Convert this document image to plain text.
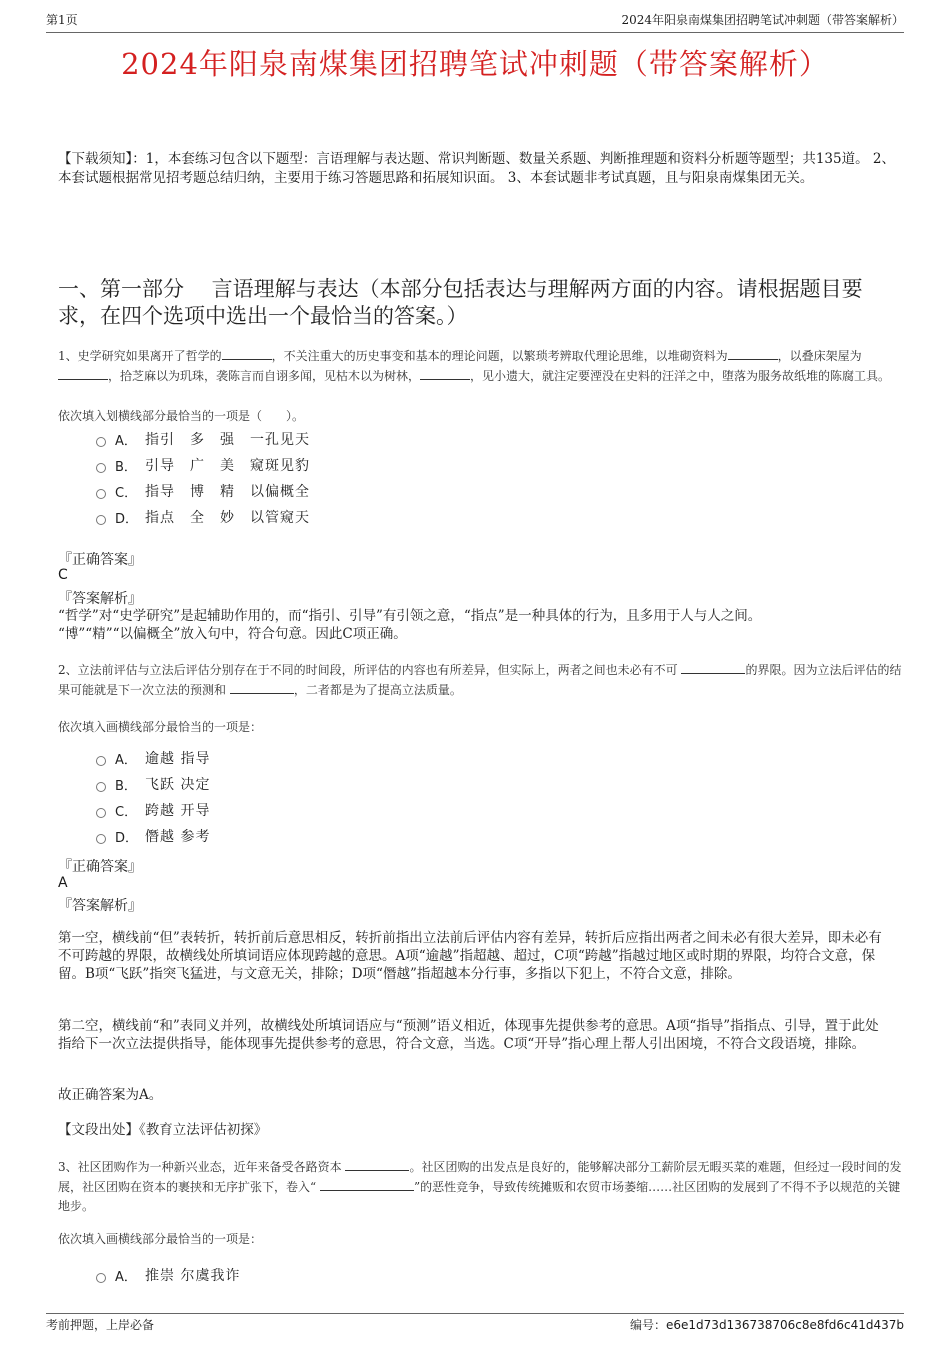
第1页	2024年阳泉南煤集团招聘笔试冲刺题（带答案解析）
2024年阳泉南煤集团招聘笔试冲刺题（带答案解析）
【下载须知】：1，本套练习包含以下题型：言语理解与表达题、常识判断题、数量关系题、判断推理题和资料分析题等题型；共135道。 2、本套试题根据常见招考题总结归纳，主要用于练习答题思路和拓展知识面。 3、本套试题非考试真题，且与阳泉南煤集团无关。
一、第一部分　 言语理解与表达（本部分包括表达与理解两方面的内容。请根据题目要求，在四个选项中选出一个最恰当的答案。）
1、史学研究如果离开了哲学的	，不关注重大的历史事变和基本的理论问题，以繁琐考辨取代理论思维，以堆砌资料为	，以叠床架屋为，拾芝麻以为玑珠，袭陈言而自诩多闻，见枯木以为树林，	，见小遗大，就注定要湮没在史料的汪洋之中，堕落为服务故纸堆的陈腐工具。
依次填入划横线部分最恰当的一项是（　　）。
A． 指引　多　强　一孔见天
B． 引导　广　美　窥斑见豹
C． 指导　博　精　以偏概全
D． 指点　全　妙　以管窥天
『正确答案』
C
『答案解析』
“哲学”对“史学研究”是起辅助作用的，而“指引、引导”有引领之意，“指点”是一种具体的行为，且多用于人与人之间。
“博”“精”“以偏概全”放入句中，符合句意。因此C项正确。
2、立法前评估与立法后评估分别存在于不同的时间段，所评估的内容也有所差异，但实际上，两者之间也未必有不可	的界限。因为立法后评估的结果可能就是下一次立法的预测和	，二者都是为了提高立法质量。
依次填入画横线部分最恰当的一项是：
A． 逾越 指导
B． 飞跃 决定
C． 跨越 开导
D． 僭越 参考
『正确答案』
A
『答案解析』
第一空，横线前“但”表转折，转折前后意思相反，转折前指出立法前后评估内容有差异，转折后应指出两者之间未必有很大差异，即未必有不可跨越的界限，故横线处所填词语应体现跨越的意思。A项“逾越”指超越、超过，C项“跨越”指越过地区或时期的界限，均符合文意，保留。B项“飞跃”指突飞猛进，与文意无关，排除；D项“僭越”指超越本分行事，多指以下犯上，不符合文意，排除。
第二空，横线前“和”表同义并列，故横线处所填词语应与“预测”语义相近，体现事先提供参考的意思。A项“指导”指指点、引导，置于此处指给下一次立法提供指导，能体现事先提供参考的意思，符合文意，当选。C项“开导”指心理上帮人引出困境，不符合文段语境，排除。
故正确答案为A。
【文段出处】《教育立法评估初探》
3、社区团购作为一种新兴业态，近年来备受各路资本	。社区团购的出发点是良好的，能够解决部分工薪阶层无暇买菜的难题，但经过一段时间的发展，社区团购在资本的裹挟和无序扩张下，卷入“	”的恶性竞争，导致传统摊贩和农贸市场萎缩……社区团购的发展到了不得不予以规范的关键地步。
依次填入画横线部分最恰当的一项是：
A． 推崇 尔虞我诈
考前押题，上岸必备	编号：e6e1d73d136738706c8e8fd6c41d437b
